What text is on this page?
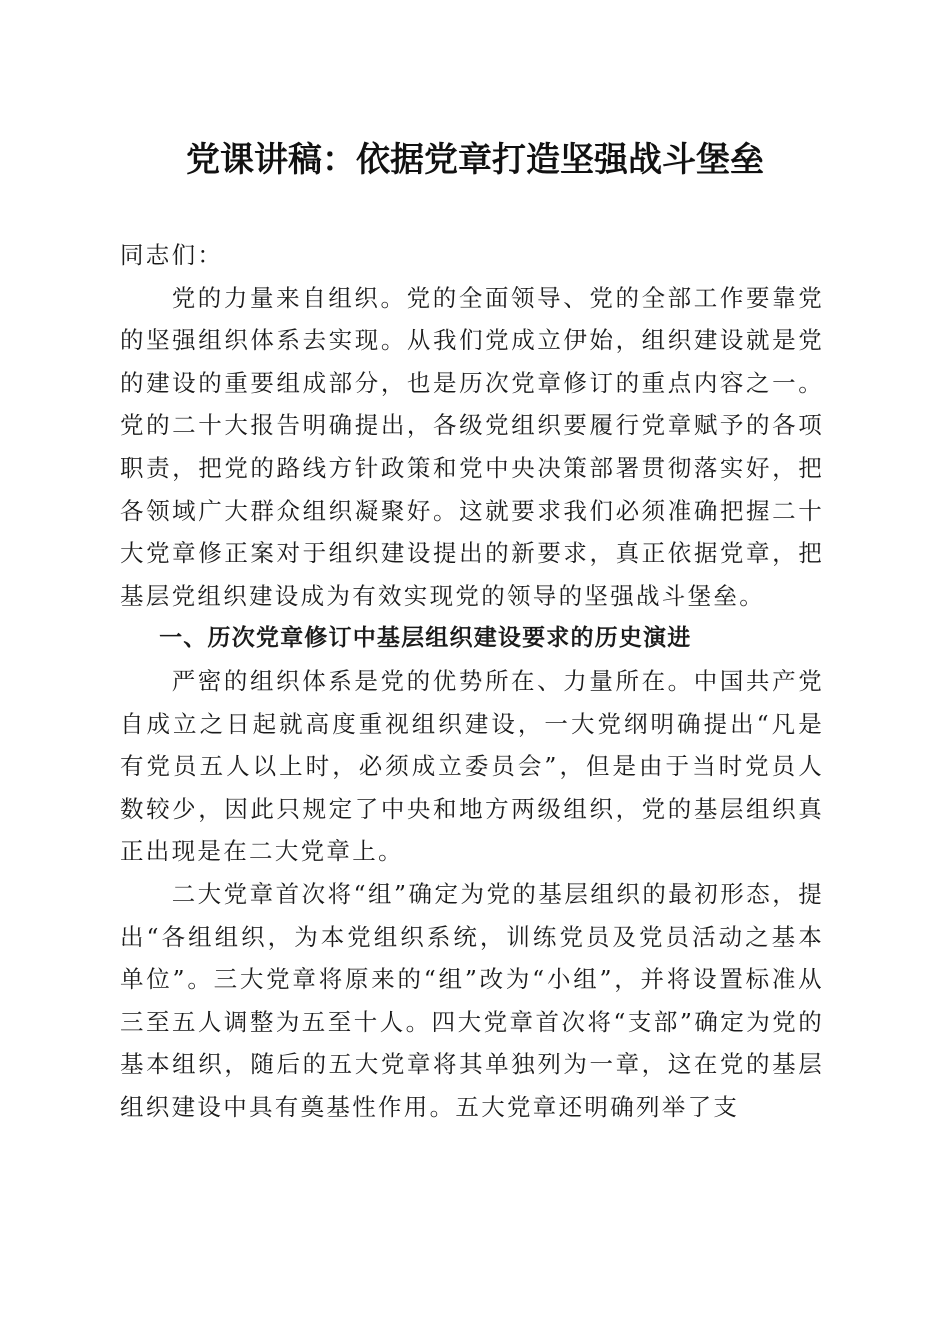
党课讲稿：依据党章打造坚强战斗堡垒

同志们：

党的力量来自组织。党的全面领导、党的全部工作要靠党的坚强组织体系去实现。从我们党成立伊始，组织建设就是党的建设的重要组成部分，也是历次党章修订的重点内容之一。党的二十大报告明确提出，各级党组织要履行党章赋予的各项职责，把党的路线方针政策和党中央决策部署贯彻落实好，把各领域广大群众组织凝聚好。这就要求我们必须准确把握二十大党章修正案对于组织建设提出的新要求，真正依据党章，把基层党组织建设成为有效实现党的领导的坚强战斗堡垒。

一、历次党章修订中基层组织建设要求的历史演进

严密的组织体系是党的优势所在、力量所在。中国共产党自成立之日起就高度重视组织建设，一大党纲明确提出“凡是有党员五人以上时，必须成立委员会”，但是由于当时党员人数较少，因此只规定了中央和地方两级组织，党的基层组织真正出现是在二大党章上。

二大党章首次将“组”确定为党的基层组织的最初形态，提出“各组组织，为本党组织系统，训练党员及党员活动之基本单位”。三大党章将原来的“组”改为“小组”，并将设置标准从三至五人调整为五至十人。四大党章首次将“支部”确定为党的基本组织，随后的五大党章将其单独列为一章，这在党的基层组织建设中具有奠基性作用。五大党章还明确列举了支
